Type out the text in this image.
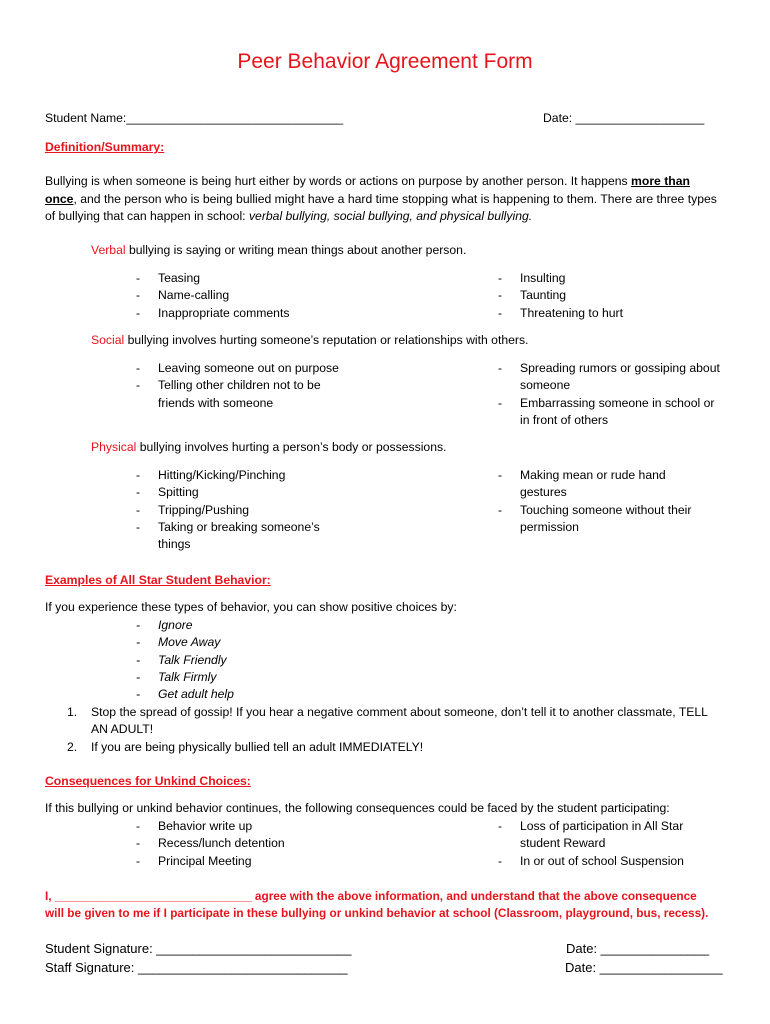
Peer Behavior Agreement Form
Student Name:________________________________	Date: ___________________
Definition/Summary:
Bullying is when someone is being hurt either by words or actions on purpose by another person. It happens more than once, and the person who is being bullied might have a hard time stopping what is happening to them. There are three types of bullying that can happen in school: verbal bullying, social bullying, and physical bullying.
Verbal bullying is saying or writing mean things about another person.
- Teasing
- Name-calling
- Inappropriate comments
- Insulting
- Taunting
- Threatening to hurt
Social bullying involves hurting someone’s reputation or relationships with others.
- Leaving someone out on purpose
- Telling other children not to be friends with someone
- Spreading rumors or gossiping about someone
- Embarrassing someone in school or in front of others
Physical bullying involves hurting a person’s body or possessions.
- Hitting/Kicking/Pinching
- Spitting
- Tripping/Pushing
- Taking or breaking someone’s things
- Making mean or rude hand gestures
- Touching someone without their permission
Examples of All Star Student Behavior:
If you experience these types of behavior, you can show positive choices by:
- Ignore
- Move Away
- Talk Friendly
- Talk Firmly
- Get adult help
1. Stop the spread of gossip! If you hear a negative comment about someone, don’t tell it to another classmate, TELL AN ADULT!
2. If you are being physically bullied tell an adult IMMEDIATELY!
Consequences for Unkind Choices:
If this bullying or unkind behavior continues, the following consequences could be faced by the student participating:
- Behavior write up
- Recess/lunch detention
- Principal Meeting
- Loss of participation in All Star student Reward
- In or out of school Suspension
I, ______________________________ agree with the above information, and understand that the above consequence
will be given to me if I participate in these bullying or unkind behavior at school (Classroom, playground, bus, recess).
Student Signature: ___________________________
Staff Signature: _____________________________
Date: _______________
Date: _________________
